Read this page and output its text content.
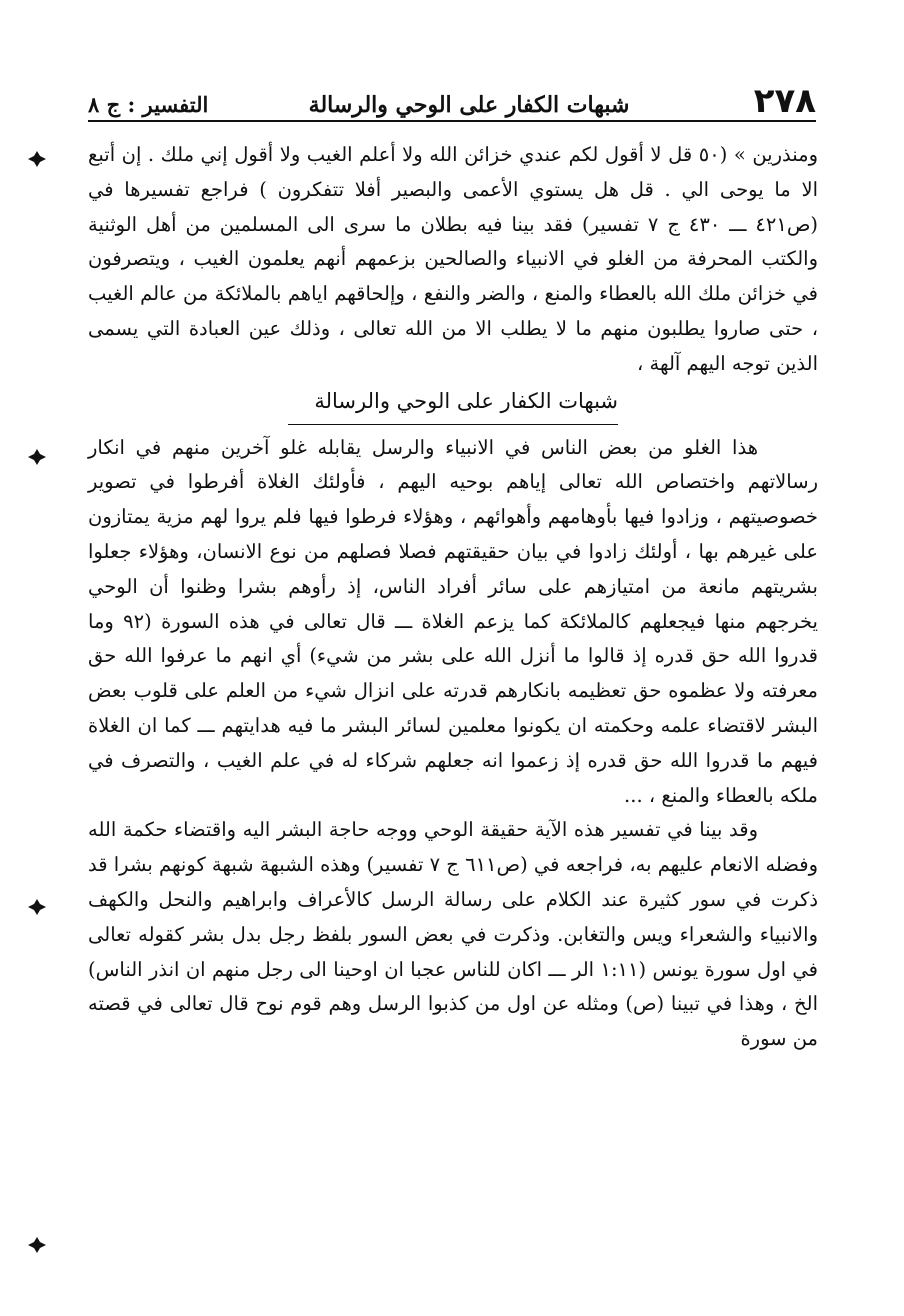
التفسير : ج ٨	شبهات الكفار على الوحي والرسالة	٢٧٨

ومنذرين » (٥٠ قل لا أقول لكم عندي خزائن الله ولا أعلم الغيب ولا أقول إني ملك . إن أتبع الا ما يوحى الي . قل هل يستوي الأعمى والبصير أفلا تتفكرون ) فراجع تفسيرها في (ص٤٢١ ـــ ٤٣٠ ج ٧ تفسير) فقد بينا فيه بطلان ما سرى الى المسلمين من أهل الوثنية والكتب المحرفة من الغلو في الانبياء والصالحين بزعمهم أنهم يعلمون الغيب ، ويتصرفون في خزائن ملك الله بالعطاء والمنع ، والضر والنفع ، وإلحاقهم اياهم بالملائكة من عالم الغيب ، حتى صاروا يطلبون منهم ما لا يطلب الا من الله تعالى ، وذلك عين العبادة التي يسمى الذين توجه اليهم آلهة ،

شبهات الكفار على الوحي والرسالة

هذا الغلو من بعض الناس في الانبياء والرسل يقابله غلو آخرين منهم في انكار رسالاتهم واختصاص الله تعالى إياهم بوحيه اليهم ، فأولئك الغلاة أفرطوا في تصوير خصوصيتهم ، وزادوا فيها بأوهامهم وأهوائهم ، وهؤلاء فرطوا فيها فلم يروا لهم مزية يمتازون على غيرهم بها ، أولئك زادوا في بيان حقيقتهم فصلا فصلهم من نوع الانسان، وهؤلاء جعلوا بشريتهم مانعة من امتيازهم على سائر أفراد الناس، إذ رأوهم بشرا وظنوا أن الوحي يخرجهم منها فيجعلهم كالملائكة كما يزعم الغلاة ـــ قال تعالى في هذه السورة (٩٢ وما قدروا الله حق قدره إذ قالوا ما أنزل الله على بشر من شيء) أي انهم ما عرفوا الله حق معرفته ولا عظموه حق تعظيمه بانكارهم قدرته على انزال شيء من العلم على قلوب بعض البشر لاقتضاء علمه وحكمته ان يكونوا معلمين لسائر البشر ما فيه هدايتهم ـــ كما ان الغلاة فيهم ما قدروا الله حق قدره إذ زعموا انه جعلهم شركاء له في علم الغيب ، والتصرف في ملكه بالعطاء والمنع ، ...

وقد بينا في تفسير هذه الآية حقيقة الوحي ووجه حاجة البشر اليه واقتضاء حكمة الله وفضله الانعام عليهم به، فراجعه في (ص٦١١ ج ٧ تفسير) وهذه الشبهة شبهة كونهم بشرا قد ذكرت في سور كثيرة عند الكلام على رسالة الرسل كالأعراف وابراهيم والنحل والكهف والانبياء والشعراء ويس والتغابن. وذكرت في بعض السور بلفظ رجل بدل بشر كقوله تعالى في اول سورة يونس (١:١١ الر ـــ اكان للناس عجبا ان اوحينا الى رجل منهم ان انذر الناس) الخ ، وهذا في تبينا (ص) ومثله عن اول من كذبوا الرسل وهم قوم نوح قال تعالى في قصته من سورة
